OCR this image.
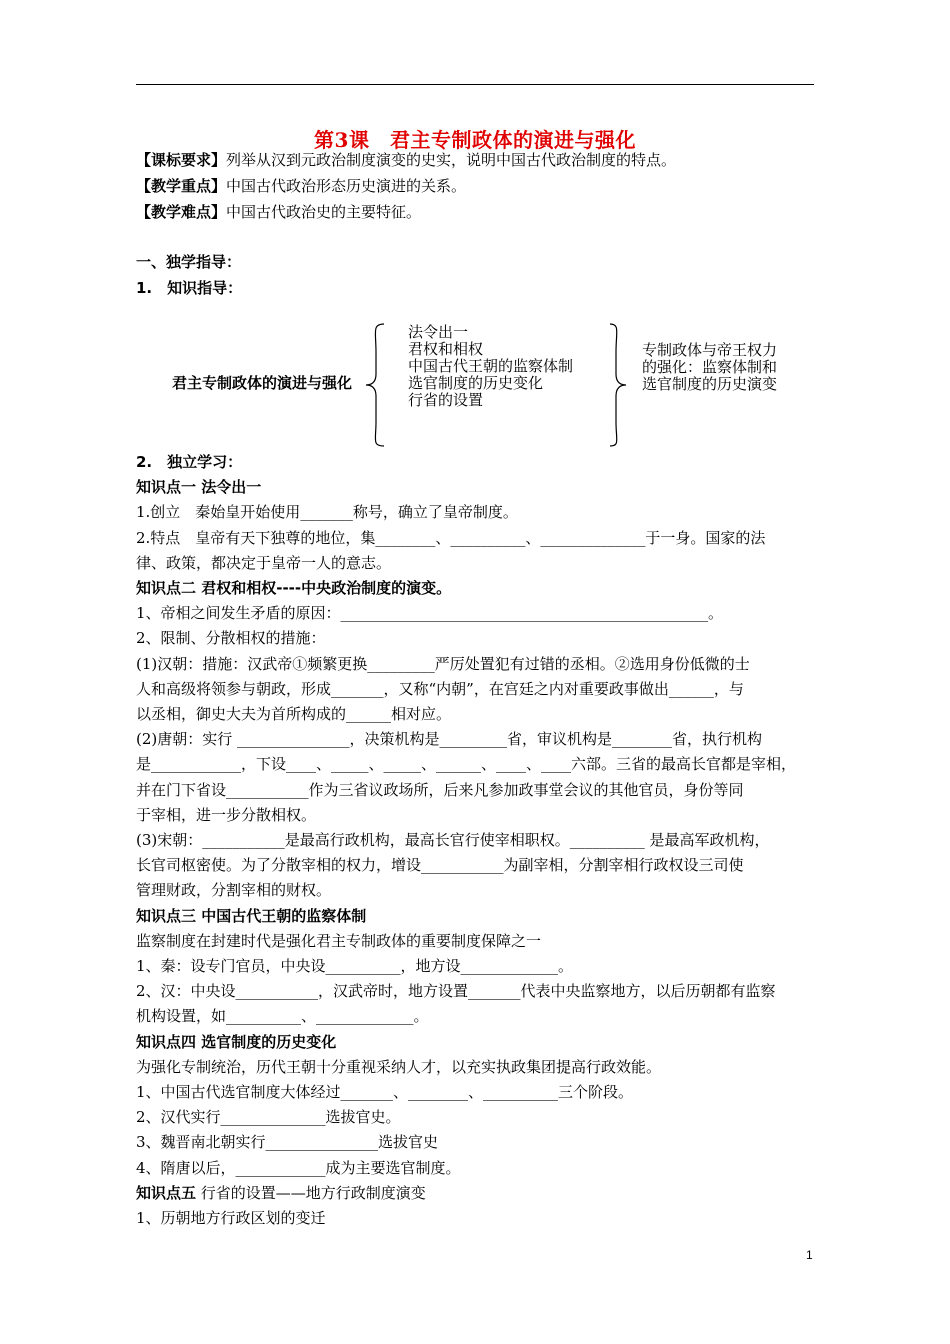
第3课　君主专制政体的演进与强化
【课标要求】列举从汉到元政治制度演变的史实，说明中国古代政治制度的特点。
【教学重点】中国古代政治形态历史演进的关系。
【教学难点】中国古代政治史的主要特征。
一、独学指导：
1.　知识指导：
君主专制政体的演进与强化
法令出一
君权和相权
中国古代王朝的监察体制
选官制度的历史变化
行省的设置
专制政体与帝王权力
的强化：监察体制和
选官制度的历史演变
2.　独立学习：
知识点一 法令出一
1.创立　秦始皇开始使用_______称号，确立了皇帝制度。
2.特点　皇帝有天下独尊的地位，集________、__________、______________于一身。国家的法
律、政策，都决定于皇帝一人的意志。
知识点二 君权和相权----中央政治制度的演变。
1、帝相之间发生矛盾的原因：_________________________________________________。
2、限制、分散相权的措施：
(1)汉朝：措施：汉武帝①频繁更换_________严厉处置犯有过错的丞相。②选用身份低微的士
人和高级将领参与朝政，形成_______，又称“内朝”，在宫廷之内对重要政事做出______，与
以丞相，御史大夫为首所构成的______相对应。
(2)唐朝：实行 _______________，决策机构是_________省，审议机构是________省，执行机构
是____________，下设____、_____、_____、______、____、____六部。三省的最高长官都是宰相，
并在门下省设___________作为三省议政场所，后来凡参加政事堂会议的其他官员，身份等同
于宰相，进一步分散相权。
(3)宋朝：___________是最高行政机构，最高长官行使宰相职权。__________ 是最高军政机构，
长官司枢密使。为了分散宰相的权力，增设___________为副宰相，分割宰相行政权设三司使
管理财政，分割宰相的财权。
知识点三 中国古代王朝的监察体制
监察制度在封建时代是强化君主专制政体的重要制度保障之一
1、秦：设专门官员，中央设__________，地方设_____________。
2、汉：中央设___________，汉武帝时，地方设置_______代表中央监察地方，以后历朝都有监察
机构设置，如__________、_____________。
知识点四 选官制度的历史变化
为强化专制统治，历代王朝十分重视采纳人才，以充实执政集团提高行政效能。
1、中国古代选官制度大体经过_______、________、__________三个阶段。
2、汉代实行______________选拔官史。
3、魏晋南北朝实行_______________选拔官史
4、隋唐以后，____________成为主要选官制度。
知识点五 行省的设置——地方行政制度演变
1、历朝地方行政区划的变迁
1
